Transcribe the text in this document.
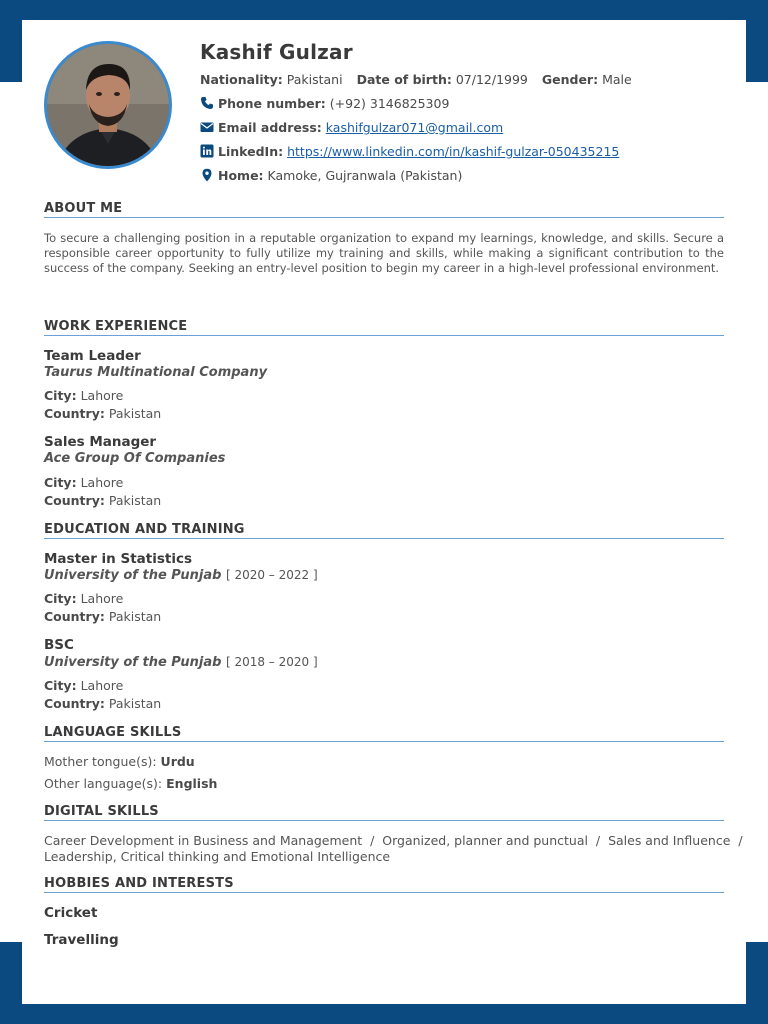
Kashif Gulzar
Nationality: Pakistani Date of birth: 07/12/1999 Gender: Male
Phone number: (+92) 3146825309
Email address: kashifgulzar071@gmail.com
LinkedIn: https://www.linkedin.com/in/kashif-gulzar-050435215
Home: Kamoke, Gujranwala (Pakistan)
ABOUT ME
To secure a challenging position in a reputable organization to expand my learnings, knowledge, and skills. Secure a responsible career opportunity to fully utilize my training and skills, while making a significant contribution to the success of the company. Seeking an entry-level position to begin my career in a high-level professional environment.
WORK EXPERIENCE
Team Leader
Taurus Multinational Company
City: Lahore
Country: Pakistan
Sales Manager
Ace Group Of Companies
City: Lahore
Country: Pakistan
EDUCATION AND TRAINING
Master in Statistics
University of the Punjab [ 2020 – 2022 ]
City: Lahore
Country: Pakistan
BSC
University of the Punjab [ 2018 – 2020 ]
City: Lahore
Country: Pakistan
LANGUAGE SKILLS
Mother tongue(s): Urdu
Other language(s): English
DIGITAL SKILLS
Career Development in Business and Management  /  Organized, planner and punctual  /  Sales and Influence  /
Leadership, Critical thinking and Emotional Intelligence
HOBBIES AND INTERESTS
Cricket
Travelling
